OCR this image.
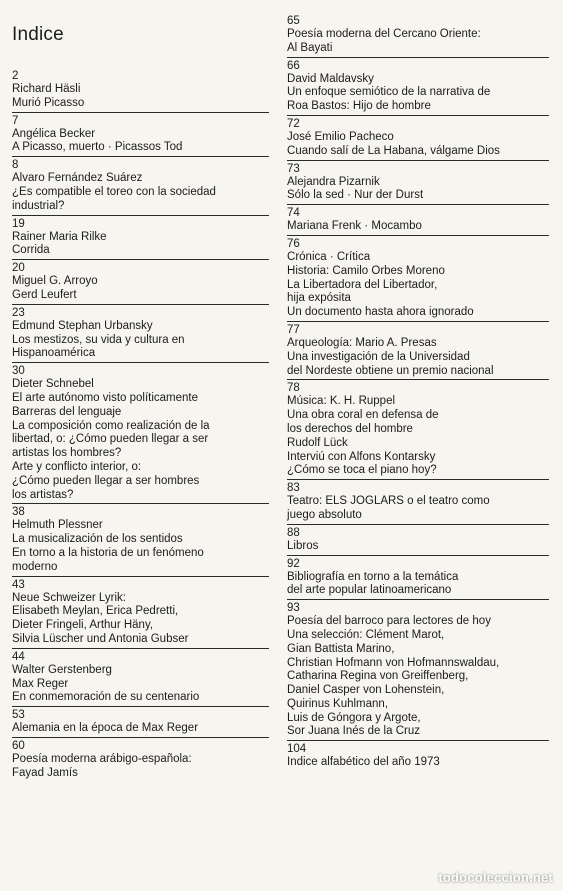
Indice
2
Richard Häsli
Murió Picasso
7
Angélica Becker
A Picasso, muerto · Picassos Tod
8
Alvaro Fernández Suárez
¿Es compatible el toreo con la sociedad
industrial?
19
Rainer Maria Rilke
Corrida
20
Miguel G. Arroyo
Gerd Leufert
23
Edmund Stephan Urbansky
Los mestizos, su vida y cultura en
Hispanoamérica
30
Dieter Schnebel
El arte autónomo visto políticamente
Barreras del lenguaje
La composición como realización de la
libertad, o: ¿Cómo pueden llegar a ser
artistas los hombres?
Arte y conflicto interior, o:
¿Cómo pueden llegar a ser hombres
los artistas?
38
Helmuth Plessner
La musicalización de los sentidos
En torno a la historia de un fenómeno
moderno
43
Neue Schweizer Lyrik:
Elisabeth Meylan, Erica Pedretti,
Dieter Fringeli, Arthur Häny,
Silvia Lüscher und Antonia Gubser
44
Walter Gerstenberg
Max Reger
En conmemoración de su centenario
53
Alemania en la época de Max Reger
60
Poesía moderna arábigo-española:
Fayad Jamís
65
Poesía moderna del Cercano Oriente:
Al Bayati
66
David Maldavsky
Un enfoque semiótico de la narrativa de
Roa Bastos: Hijo de hombre
72
José Emilio Pacheco
Cuando salí de La Habana, válgame Dios
73
Alejandra Pizarnik
Sólo la sed · Nur der Durst
74
Mariana Frenk · Mocambo
76
Crónica · Crítica
Historia: Camilo Orbes Moreno
La Libertadora del Libertador,
hija expósita
Un documento hasta ahora ignorado
77
Arqueología: Mario A. Presas
Una investigación de la Universidad
del Nordeste obtiene un premio nacional
78
Música: K. H. Ruppel
Una obra coral en defensa de
los derechos del hombre
Rudolf Lück
Interviú con Alfons Kontarsky
¿Cómo se toca el piano hoy?
83
Teatro: ELS JOGLARS o el teatro como
juego absoluto
88
Libros
92
Bibliografía en torno a la temática
del arte popular latinoamericano
93
Poesía del barroco para lectores de hoy
Una selección: Clément Marot,
Gian Battista Marino,
Christian Hofmann von Hofmannswaldau,
Catharina Regina von Greiffenberg,
Daniel Casper von Lohenstein,
Quirinus Kuhlmann,
Luis de Góngora y Argote,
Sor Juana Inés de la Cruz
104
Indice alfabético del año 1973
todocoleccion.net
